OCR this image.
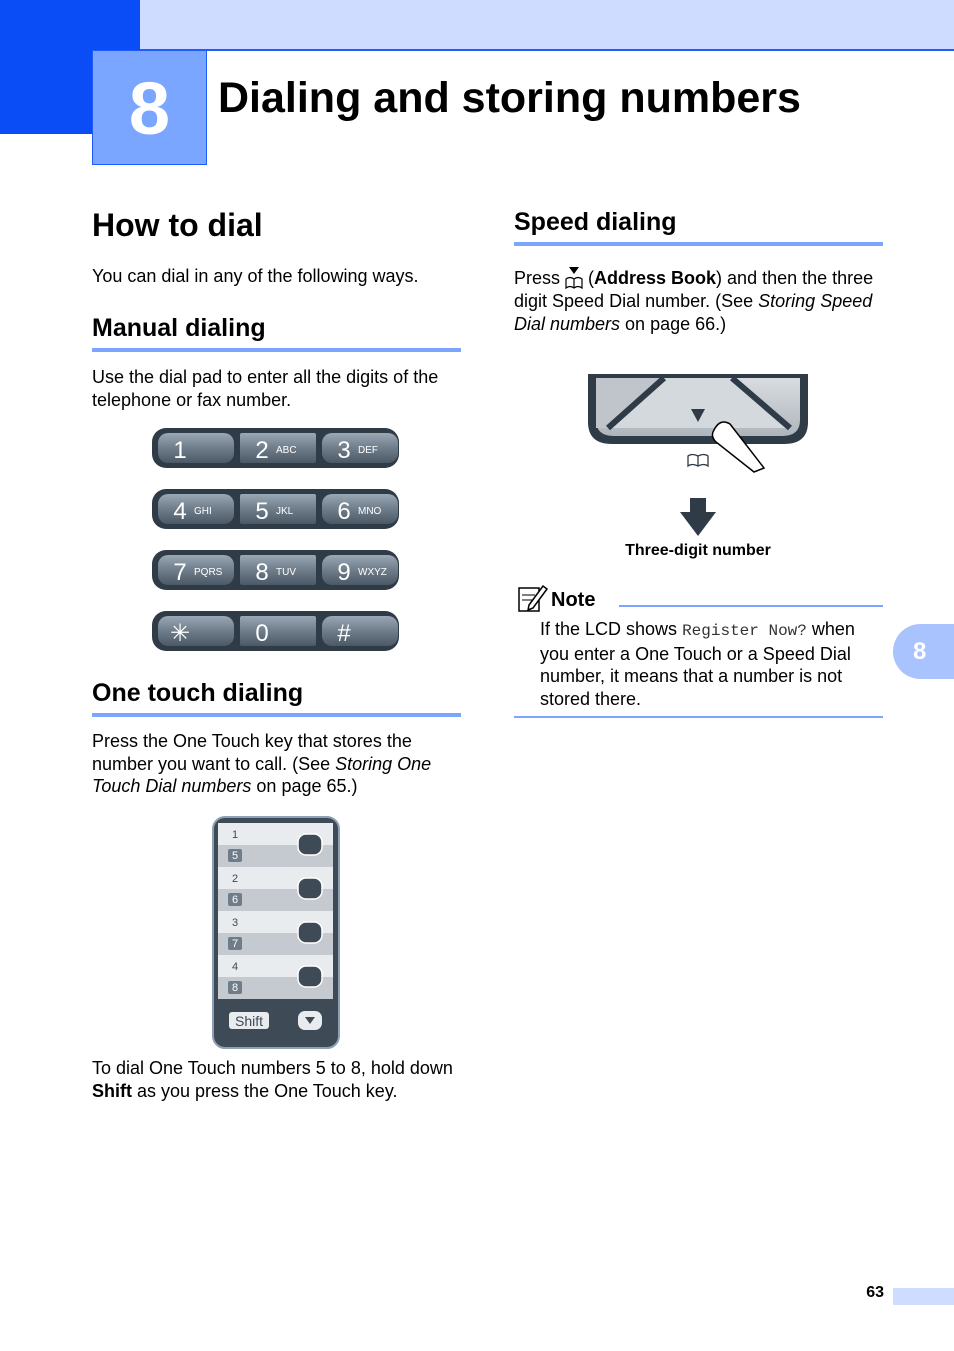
8	Dialing and storing numbers
How to dial

You can dial in any of the following ways.

Manual dialing

Use the dial pad to enter all the digits of the telephone or fax number.

1	2 ABC 3 DEF
4 GHI 5 JKL 6 MNO
7 PQRS 8 TUV 9 WXYZ
✳	0	#
One touch dialing

Press the One Touch key that stores the number you want to call. (See Storing One Touch Dial numbers on page 65.)

1
5
2
6
3
7
4
8
Shift

To dial One Touch numbers 5 to 8, hold down Shift as you press the One Touch key.

Speed dialing

Press  (Address Book) and then the three digit Speed Dial number. (See Storing Speed Dial numbers on page 66.)

Three-digit number
Note

If the LCD shows Register Now? when you enter a One Touch or a Speed Dial number, it means that a number is not stored there.

8
63
